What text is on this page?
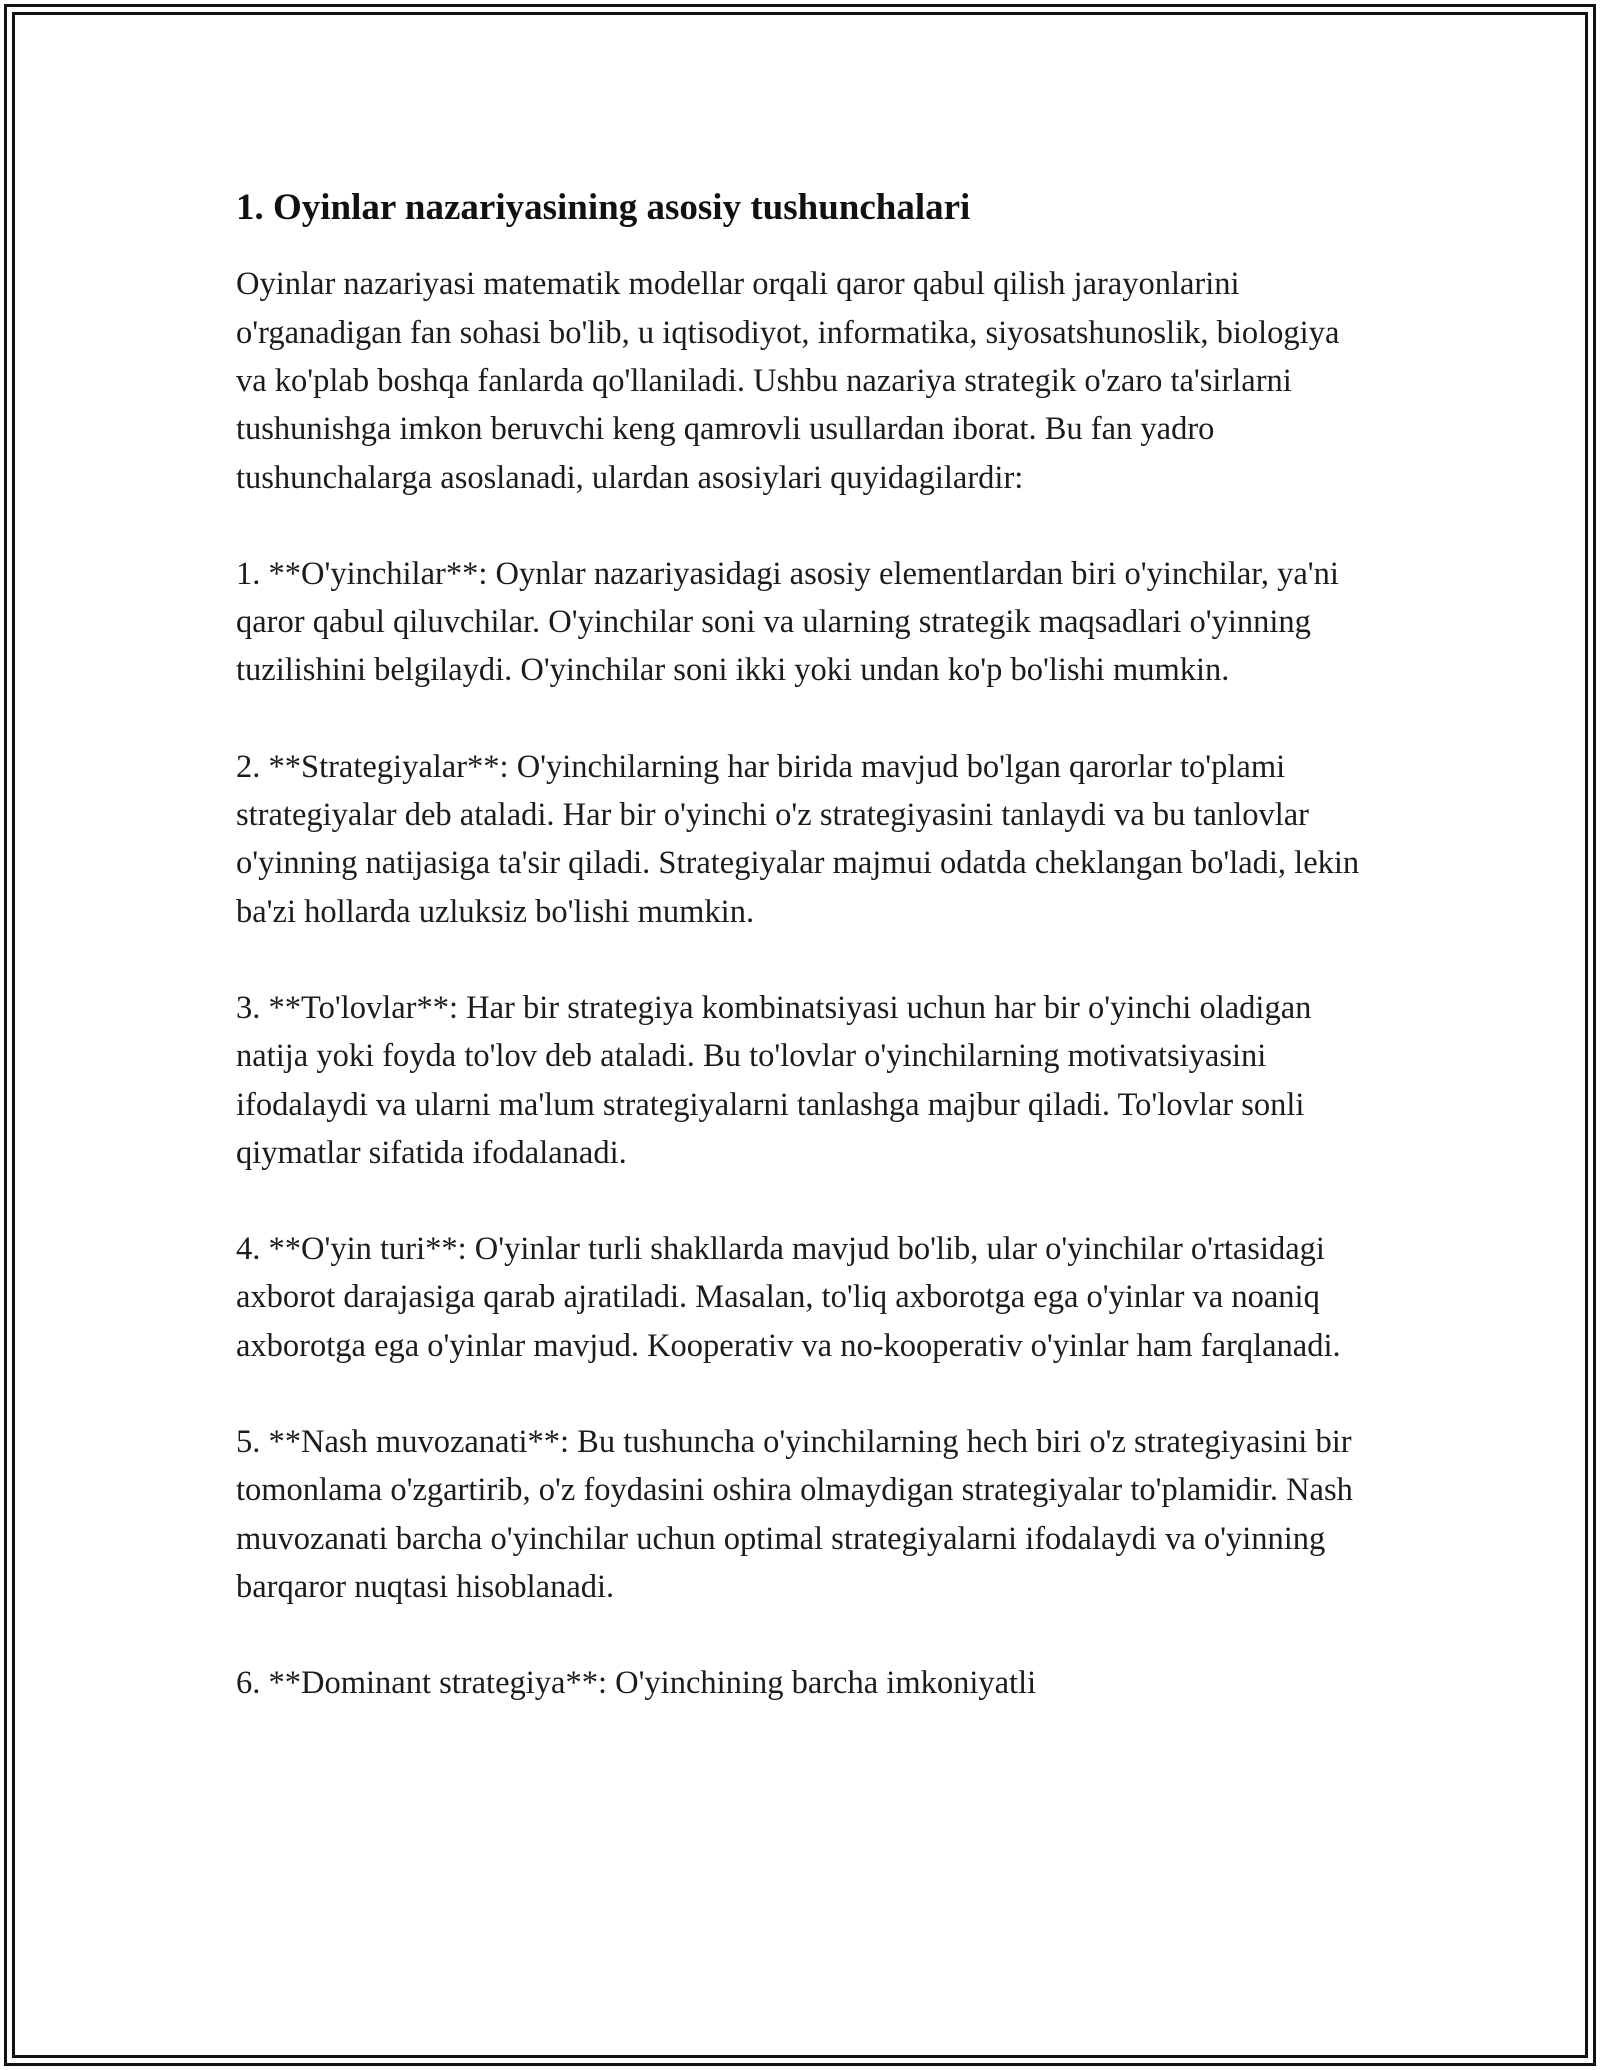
1. Oyinlar nazariyasining asosiy tushunchalari

Oyinlar nazariyasi matematik modellar orqali qaror qabul qilish jarayonlarini o'rganadigan fan sohasi bo'lib, u iqtisodiyot, informatika, siyosatshunoslik, biologiya va ko'plab boshqa fanlarda qo'llaniladi. Ushbu nazariya strategik o'zaro ta'sirlarni tushunishga imkon beruvchi keng qamrovli usullardan iborat. Bu fan yadro tushunchalarga asoslanadi, ulardan asosiylari quyidagilardir:

1. **O'yinchilar**: Oynlar nazariyasidagi asosiy elementlardan biri o'yinchilar, ya'ni qaror qabul qiluvchilar. O'yinchilar soni va ularning strategik maqsadlari o'yinning tuzilishini belgilaydi. O'yinchilar soni ikki yoki undan ko'p bo'lishi mumkin.

2. **Strategiyalar**: O'yinchilarning har birida mavjud bo'lgan qarorlar to'plami strategiyalar deb ataladi. Har bir o'yinchi o'z strategiyasini tanlaydi va bu tanlovlar o'yinning natijasiga ta'sir qiladi. Strategiyalar majmui odatda cheklangan bo'ladi, lekin ba'zi hollarda uzluksiz bo'lishi mumkin.

3. **To'lovlar**: Har bir strategiya kombinatsiyasi uchun har bir o'yinchi oladigan natija yoki foyda to'lov deb ataladi. Bu to'lovlar o'yinchilarning motivatsiyasini ifodalaydi va ularni ma'lum strategiyalarni tanlashga majbur qiladi. To'lovlar sonli qiymatlar sifatida ifodalanadi.

4. **O'yin turi**: O'yinlar turli shakllarda mavjud bo'lib, ular o'yinchilar o'rtasidagi axborot darajasiga qarab ajratiladi. Masalan, to'liq axborotga ega o'yinlar va noaniq axborotga ega o'yinlar mavjud. Kooperativ va no-kooperativ o'yinlar ham farqlanadi.

5. **Nash muvozanati**: Bu tushuncha o'yinchilarning hech biri o'z strategiyasini bir tomonlama o'zgartirib, o'z foydasini oshira olmaydigan strategiyalar to'plamidir. Nash muvozanati barcha o'yinchilar uchun optimal strategiyalarni ifodalaydi va o'yinning barqaror nuqtasi hisoblanadi.

6. **Dominant strategiya**: O'yinchining barcha imkoniyatli
